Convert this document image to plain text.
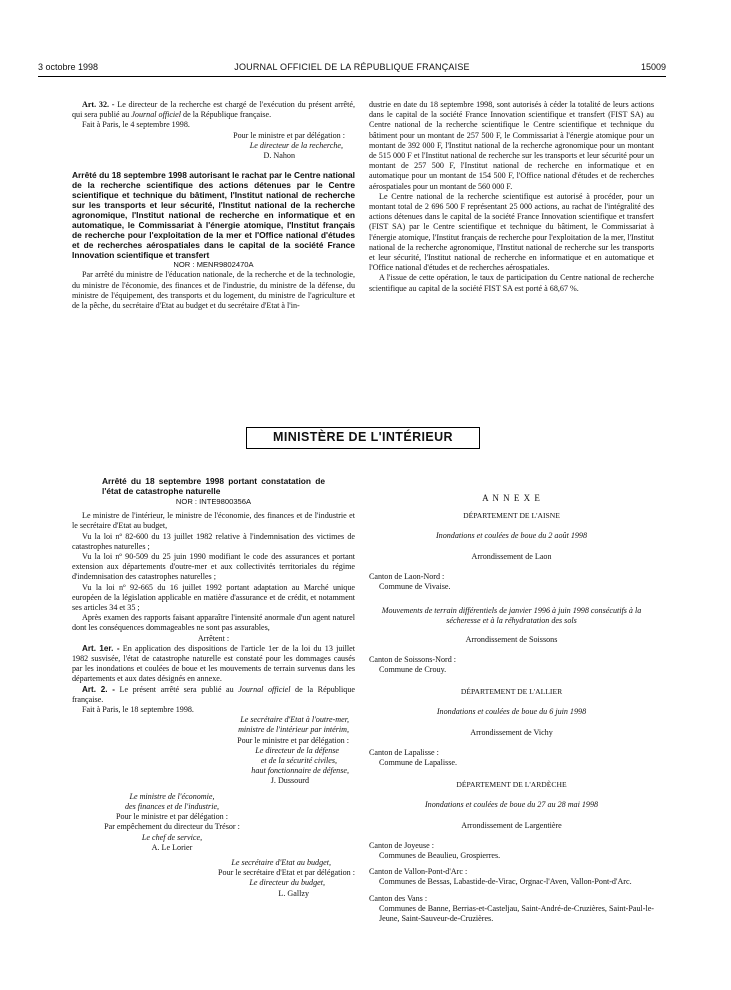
3 octobre 1998	JOURNAL OFFICIEL DE LA RÉPUBLIQUE FRANÇAISE	15009

Art. 32. - Le directeur de la recherche est chargé de l'exécution du présent arrêté, qui sera publié au Journal officiel de la République française.

Fait à Paris, le 4 septembre 1998.

Pour le ministre et par délégation :

Le directeur de la recherche,

D. Nahon

Arrêté du 18 septembre 1998 autorisant le rachat par le Centre national de la recherche scientifique des actions détenues par le Centre scientifique et technique du bâtiment, l'Institut national de recherche sur les transports et leur sécurité, l'Institut national de la recherche agronomique, l'Institut national de recherche en informatique et en automatique, le Commissariat à l'énergie atomique, l'Institut français de recherche pour l'exploitation de la mer et l'Office national d'études et de recherches aérospatiales dans le capital de la société France Innovation scientifique et transfert

NOR : MENR9802470A

Par arrêté du ministre de l'éducation nationale, de la recherche et de la technologie, du ministre de l'économie, des finances et de l'industrie, du ministre de la défense, du ministre de l'équipement, des transports et du logement, du ministre de l'agriculture et de la pêche, du secrétaire d'Etat au budget et du secrétaire d'Etat à l'in-

dustrie en date du 18 septembre 1998, sont autorisés à céder la totalité de leurs actions dans le capital de la société France Innovation scientifique et transfert (FIST SA) au Centre national de la recherche scientifique le Centre scientifique et technique du bâtiment pour un montant de 257 500 F, le Commissariat à l'énergie atomique pour un montant de 392 000 F, l'Institut national de la recherche agronomique pour un montant de 515 000 F et l'Institut national de recherche sur les transports et leur sécurité pour un montant de 257 500 F, l'Institut national de recherche en informatique et en automatique pour un montant de 154 500 F, l'Office national d'études et de recherches aérospatiales pour un montant de 560 000 F.

Le Centre national de la recherche scientifique est autorisé à procéder, pour un montant total de 2 696 500 F représentant 25 000 actions, au rachat de l'intégralité des actions détenues dans le capital de la société France Innovation scientifique et transfert (FIST SA) par le Centre scientifique et technique du bâtiment, le Commissariat à l'énergie atomique, l'Institut français de recherche pour l'exploitation de la mer, l'Institut national de la recherche agronomique, l'Institut national de recherche sur les transports et leur sécurité, l'Institut national de recherche en informatique et en automatique et l'Office national d'études et de recherches aérospatiales.

A l'issue de cette opération, le taux de participation du Centre national de recherche scientifique au capital de la société FIST SA est porté à 68,67 %.

MINISTÈRE DE L'INTÉRIEUR

Arrêté du 18 septembre 1998 portant constatation de l'état de catastrophe naturelle

NOR : INTE9800356A

Le ministre de l'intérieur, le ministre de l'économie, des finances et de l'industrie et le secrétaire d'Etat au budget,

Vu la loi nº 82-600 du 13 juillet 1982 relative à l'indemnisation des victimes de catastrophes naturelles ;

Vu la loi nº 90-509 du 25 juin 1990 modifiant le code des assurances et portant extension aux départements d'outre-mer et aux collectivités territoriales du régime d'indemnisation des catastrophes naturelles ;

Vu la loi nº 92-665 du 16 juillet 1992 portant adaptation au Marché unique européen de la législation applicable en matière d'assurance et de crédit, et notamment ses articles 34 et 35 ;

Après examen des rapports faisant apparaître l'intensité anormale d'un agent naturel dont les conséquences dommageables ne sont pas assurables,

Arrêtent :

Art. 1er. - En application des dispositions de l'article 1er de la loi du 13 juillet 1982 susvisée, l'état de catastrophe naturelle est constaté pour les dommages causés par les inondations et coulées de boue et les mouvements de terrain survenus dans les départements et aux dates désignés en annexe.

Art. 2. - Le présent arrêté sera publié au Journal officiel de la République française.

Fait à Paris, le 18 septembre 1998.

Le secrétaire d'Etat à l'outre-mer,

ministre de l'intérieur par intérim,

Pour le ministre et par délégation :

Le directeur de la défense

et de la sécurité civiles,

haut fonctionnaire de défense,

J. Dussourd

Le ministre de l'économie,

des finances et de l'industrie,

Pour le ministre et par délégation :

Par empêchement du directeur du Trésor :

Le chef de service,

A. Le Lorier

Le secrétaire d'Etat au budget,

Pour le secrétaire d'Etat et par délégation :

Le directeur du budget,

L. Gallzy

A N N E X E

DÉPARTEMENT DE L'AISNE

Inondations et coulées de boue du 2 août 1998

Arrondissement de Laon

Canton de Laon-Nord :

Commune de Vivaise.

Mouvements de terrain différentiels de janvier 1996 à juin 1998 consécutifs à la sécheresse et à la réhydratation des sols

Arrondissement de Soissons

Canton de Soissons-Nord :

Commune de Crouy.

DÉPARTEMENT DE L'ALLIER

Inondations et coulées de boue du 6 juin 1998

Arrondissement de Vichy

Canton de Lapalisse :

Commune de Lapalisse.

DÉPARTEMENT DE L'ARDÈCHE

Inondations et coulées de boue du 27 au 28 mai 1998

Arrondissement de Largentière

Canton de Joyeuse :

Communes de Beaulieu, Grospierres.

Canton de Vallon-Pont-d'Arc :

Communes de Bessas, Labastide-de-Virac, Orgnac-l'Aven, Vallon-Pont-d'Arc.

Canton des Vans :

Communes de Banne, Berrias-et-Casteljau, Saint-André-de-Cruzières, Saint-Paul-le-Jeune, Saint-Sauveur-de-Cruzières.
